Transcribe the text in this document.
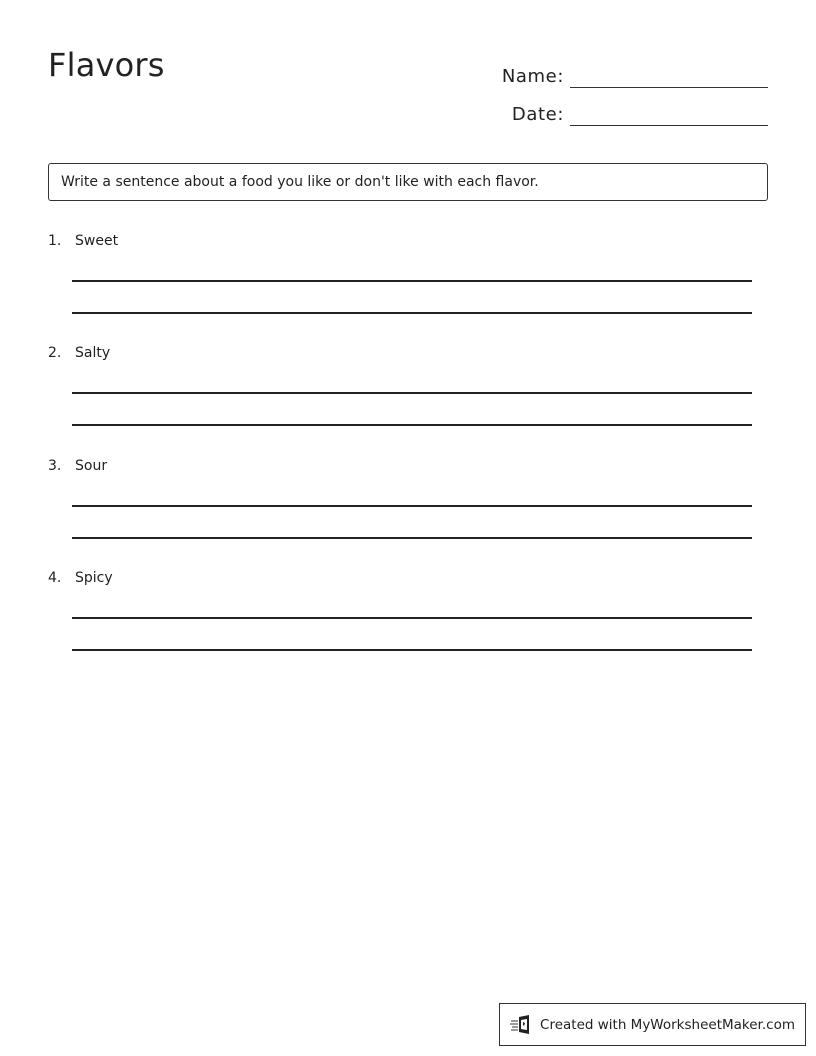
Flavors	Name:
Date:
Write a sentence about a food you like or don't like with each flavor.
1. Sweet
2. Salty
3. Sour
4. Spicy
Created with MyWorksheetMaker.com
